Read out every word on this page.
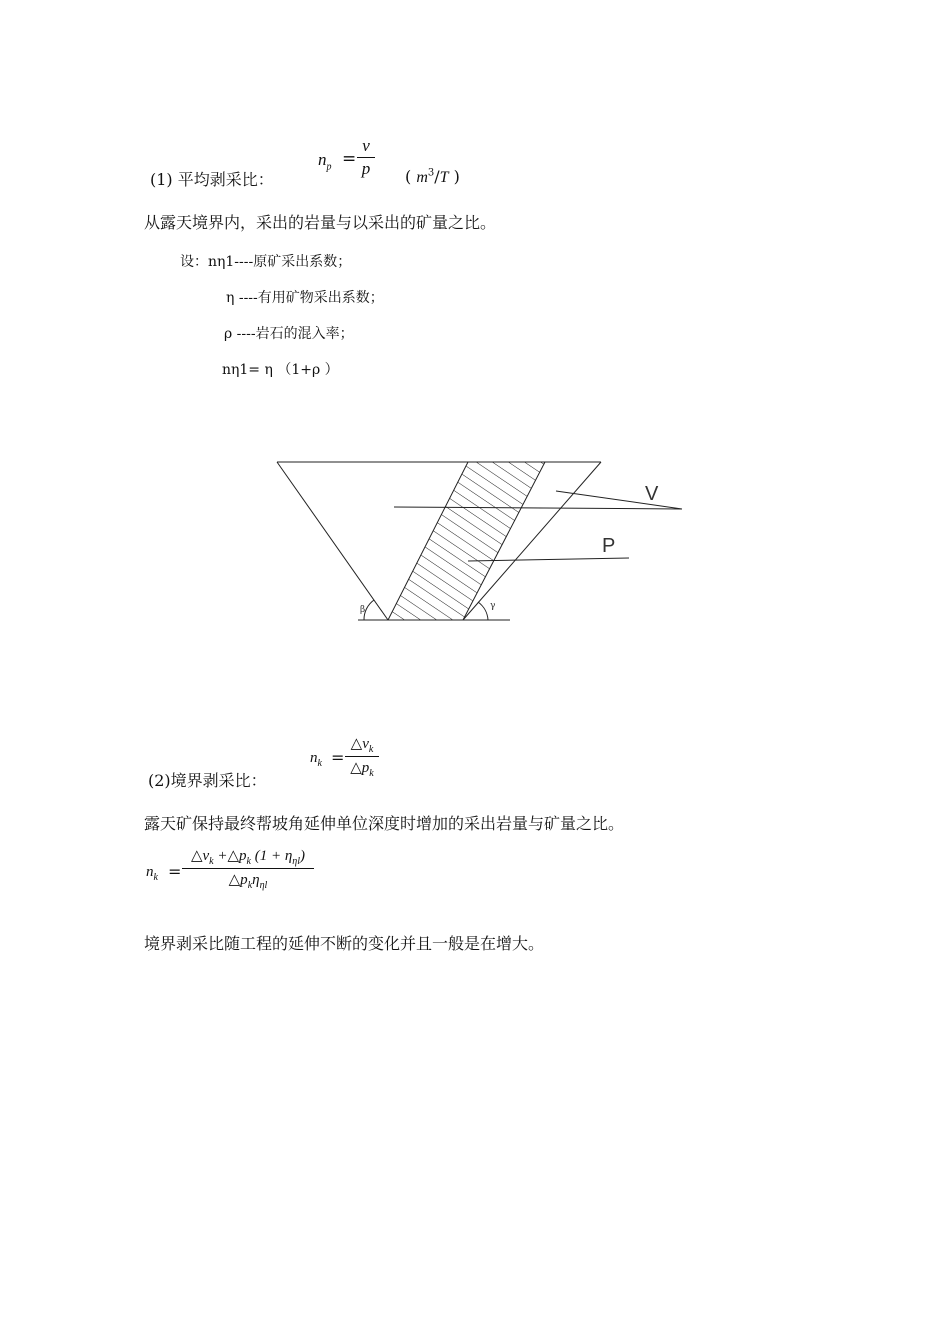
(1) 平均剥采比：
$n_p = \frac{v}{p}$ ( $m^3/T$ )
从露天境界内，采出的岩量与以采出的矿量之比。
设：nη1----原矿采出系数；
η ----有用矿物采出系数；
ρ ----岩石的混入率；
nη1= η （1+ρ ）
V
P
β	γ
(2)境界剥采比：
$n_k = \frac{\triangle v_k}{\triangle p_k}$
露天矿保持最终帮坡角延伸单位深度时增加的采出岩量与矿量之比。
$n_k$ =
$\triangle v_k$ $+\triangle p_k$ $(1 + \eta_{\eta l})$
$\triangle p_k\eta_{\eta l}$
境界剥采比随工程的延伸不断的变化并且一般是在增大。
